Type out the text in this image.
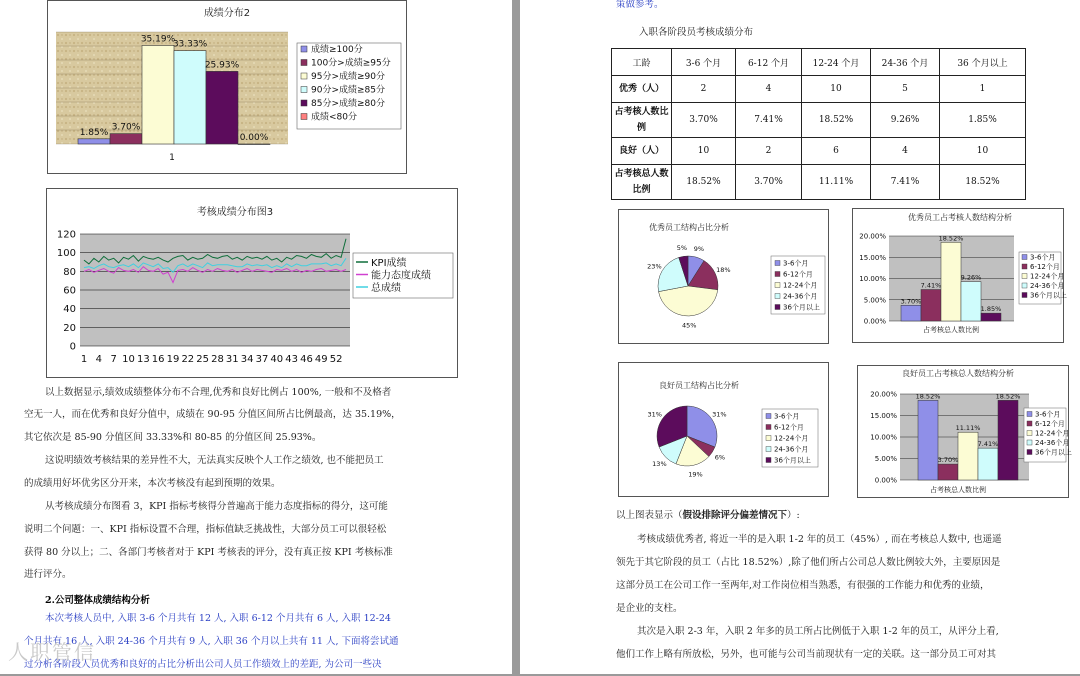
成绩分布2
1.85%
3.70%
35.19%
33.33%
25.93%
0.00%
1
成绩≥100分
100分>成绩≥95分
95分>成绩≥90分
90分>成绩≥85分
85分>成绩≥80分
成绩<80分
考核成绩分布图3
0
20
40
60
80
100
120
1 4 7 10 13 16 19 22 25 28 31 34 37 40 43 46 49 52
KPI成绩
能力态度成绩
总成绩

以上数据显示,绩效成绩整体分布不合理,优秀和良好比例占 100%, 一般和不及格者

空无一人，而在优秀和良好分值中，成绩在 90-95 分值区间所占比例最高，达 35.19%，

其它依次是 85-90 分值区间 33.33%和 80-85 的分值区间 25.93%。

这说明绩效考核结果的差异性不大，无法真实反映个人工作之绩效, 也不能把员工

的成绩用好坏优劣区分开来，本次考核没有起到预期的效果。

从考核成绩分布图看 3，KPI 指标考核得分普遍高于能力态度指标的得分，这可能

说明二个问题：一、KPI 指标设置不合理，指标值缺乏挑战性，大部分员工可以很轻松

获得 80 分以上；二、各部门考核者对于 KPI 考核表的评分，没有真正按 KPI 考核标准

进行评分。

2.公司整体成绩结构分析

本次考核人员中, 入职 3-6 个月共有 12 人, 入职 6-12 个月共有 6 人, 入职 12-24

个月共有 16 人, 入职 24-36 个月共有 9 人, 入职 36 个月以上共有 11 人, 下面将尝试通

过分析各阶段人员优秀和良好的占比分析出公司人员工作绩效上的差距, 为公司一些决

人职管信

策做参考。

入职各阶段员考核成绩分布

工龄	3-6 个月	6-12 个月	12-24 个月	24-36 个月	36 个月以上
优秀（人）	2	4	10	5	1
占考核人数比例	3.70%	7.41%	18.52%	9.26%	1.85%
良好（人）	10	2	6	4	10
占考核总人数比例	18.52%	3.70%	11.11%	7.41%	18.52%
优秀员工结构占比分析
9%
18%
45%
23%
5%
3-6个月
6-12个月
12-24个月
24-36个月
36个月以上
优秀员工占考核人数结构分析
20.00%
15.00%
10.00%
5.00%
0.00%
3.70%
7.41%
18.52%
9.26%
1.85%
占考核总人数比例
3-6个月
6-12个月
12-24个月
24-36个月
36个月以上
良好员工结构占比分析
31%
6%
19%
13%
31%	3-6个月
6-12个月
12-24个月
24-36个月
36个月以上
良好员工占考核总人数结构分析
20.00%
15.00%
10.00%
5.00%
0.00%
18.52%
3.70%
11.11%
7.41%
18.52%
占考核总人数比例
3-6个月
6-12个月
12-24个月
24-36个月
36个月以上

以上图表显示（假设排除评分偏差情况下）:

考核成绩优秀者, 将近一半的是入职 1-2 年的员工（45%）, 而在考核总人数中, 也遥遥

领先于其它阶段的员工（占比 18.52%）,除了他们所占公司总人数比例较大外，主要原因是

这部分员工在公司工作一至两年,对工作岗位相当熟悉，有很强的工作能力和优秀的业绩，

是企业的支柱。

其次是入职 2-3 年，入职 2 年多的员工所占比例低于入职 1-2 年的员工，从评分上看,

他们工作上略有所放松，另外，也可能与公司当前现状有一定的关联。这一部分员工可对其
